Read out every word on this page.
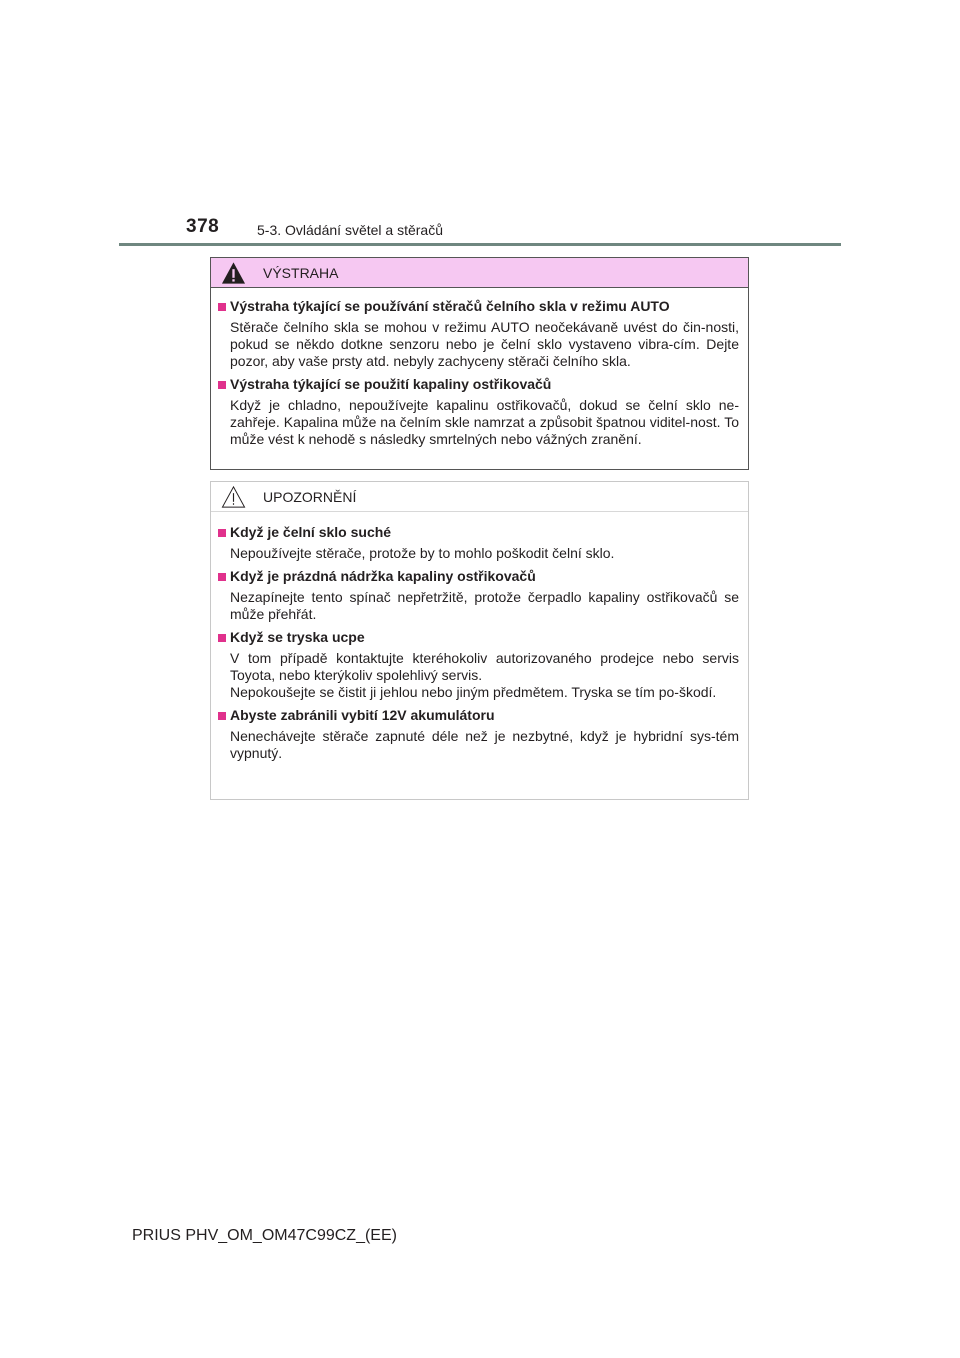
378	5-3. Ovládání světel a stěračů
VÝSTRAHA
Výstraha týkající se používání stěračů čelního skla v režimu AUTO
Stěrače čelního skla se mohou v režimu AUTO neočekávaně uvést do čin-nosti, pokud se někdo dotkne senzoru nebo je čelní sklo vystaveno vibra-cím. Dejte pozor, aby vaše prsty atd. nebyly zachyceny stěrači čelního skla.
Výstraha týkající se použití kapaliny ostřikovačů
Když je chladno, nepoužívejte kapalinu ostřikovačů, dokud se čelní sklo ne-zahřeje. Kapalina může na čelním skle namrzat a způsobit špatnou viditel-nost. To může vést k nehodě s následky smrtelných nebo vážných zranění.
UPOZORNĚNÍ
Když je čelní sklo suché
Nepoužívejte stěrače, protože by to mohlo poškodit čelní sklo.
Když je prázdná nádržka kapaliny ostřikovačů
Nezapínejte tento spínač nepřetržitě, protože čerpadlo kapaliny ostřikovačů se může přehřát.
Když se tryska ucpe
V tom případě kontaktujte kteréhokoliv autorizovaného prodejce nebo servis Toyota, nebo kterýkoliv spolehlivý servis.
Nepokoušejte se čistit ji jehlou nebo jiným předmětem. Tryska se tím po-škodí.
Abyste zabránili vybití 12V akumulátoru
Nenechávejte stěrače zapnuté déle než je nezbytné, když je hybridní sys-tém vypnutý.
PRIUS PHV_OM_OM47C99CZ_(EE)
